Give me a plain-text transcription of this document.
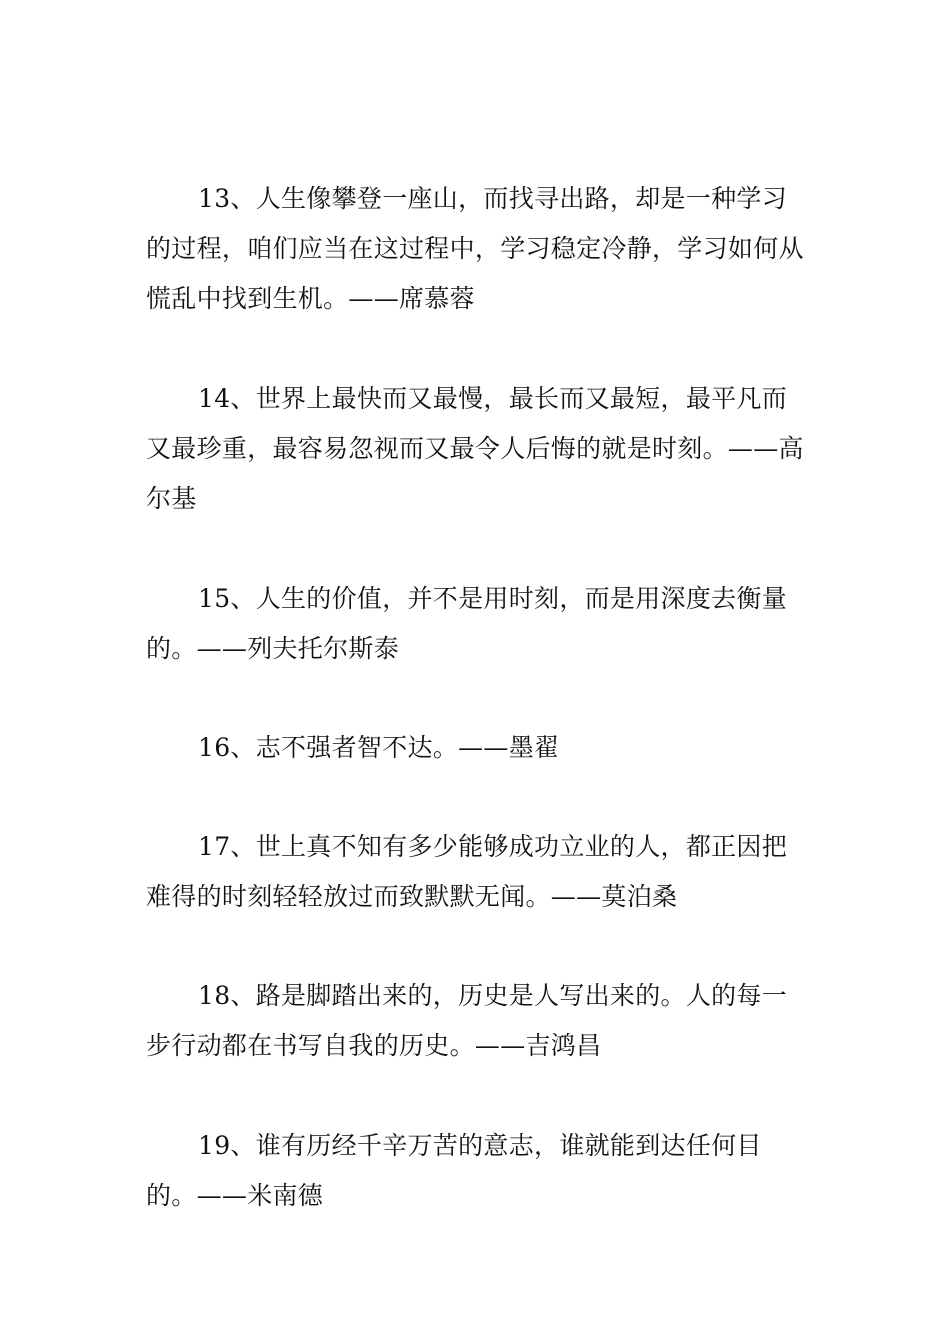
13、人生像攀登一座山，而找寻出路，却是一种学习的过程，咱们应当在这过程中，学习稳定冷静，学习如何从慌乱中找到生机。——席慕蓉

14、世界上最快而又最慢，最长而又最短，最平凡而又最珍重，最容易忽视而又最令人后悔的就是时刻。——高尔基

15、人生的价值，并不是用时刻，而是用深度去衡量的。——列夫托尔斯泰

16、志不强者智不达。——墨翟

17、世上真不知有多少能够成功立业的人，都正因把难得的时刻轻轻放过而致默默无闻。——莫泊桑

18、路是脚踏出来的，历史是人写出来的。人的每一步行动都在书写自我的历史。——吉鸿昌

19、谁有历经千辛万苦的意志，谁就能到达任何目的。——米南德
